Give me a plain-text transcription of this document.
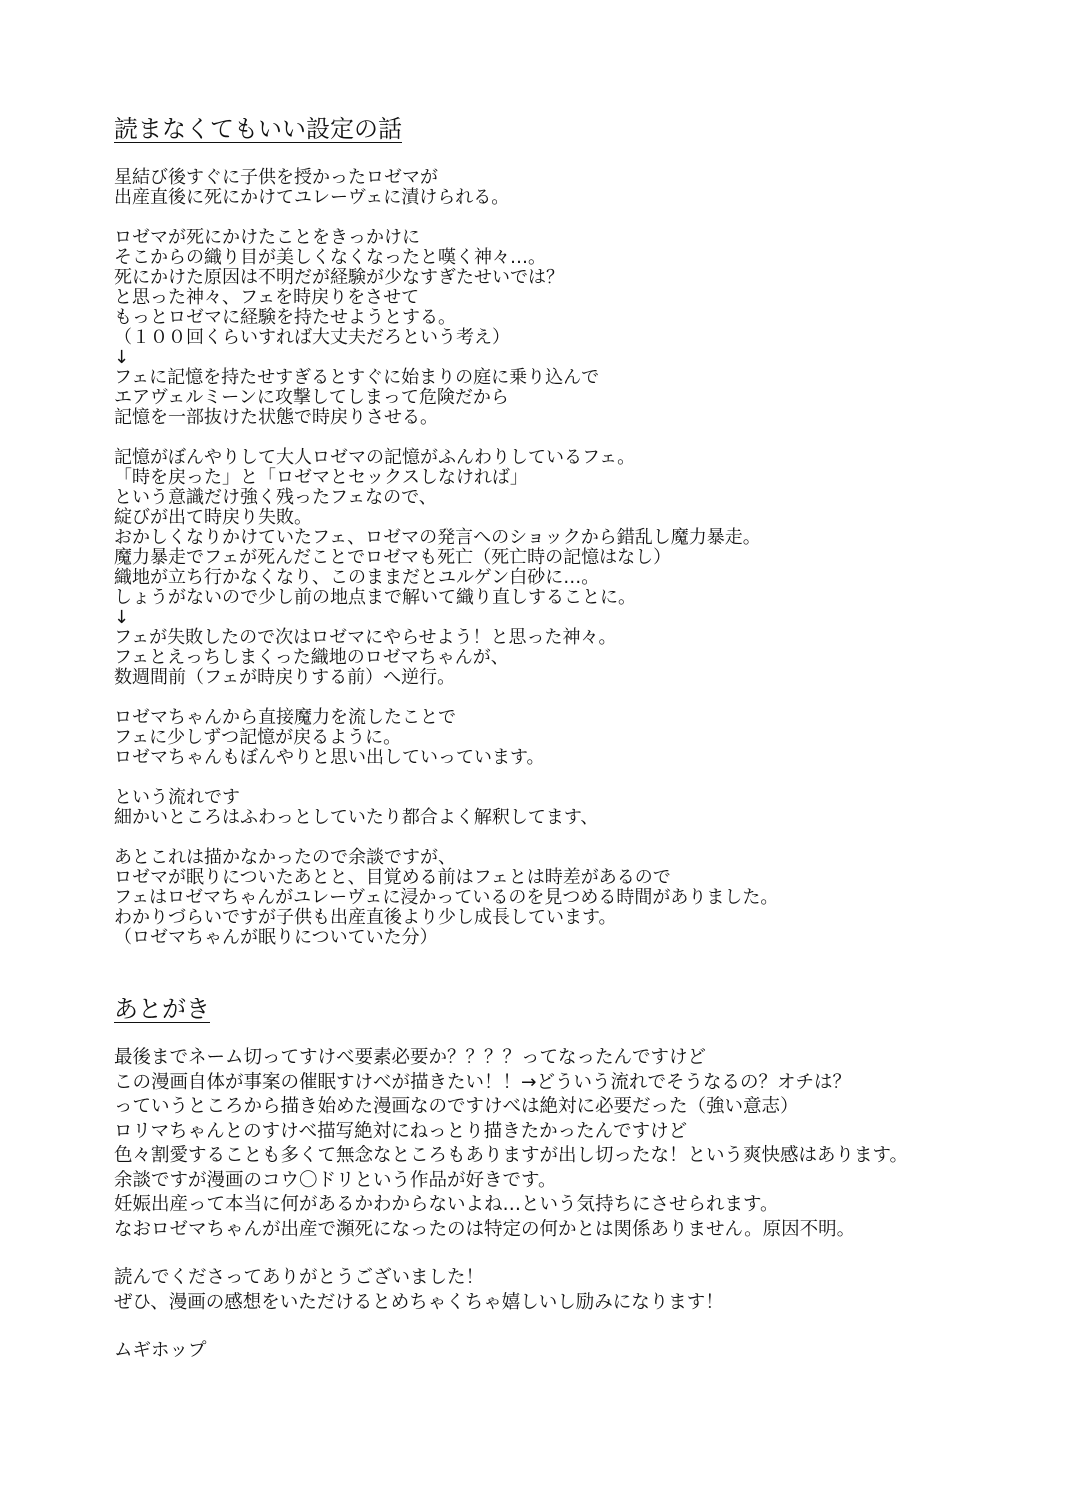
読まなくてもいい設定の話
星結び後すぐに子供を授かったロゼマが
出産直後に死にかけてユレーヴェに漬けられる。
ロゼマが死にかけたことをきっかけに
そこからの織り目が美しくなくなったと嘆く神々…。
死にかけた原因は不明だが経験が少なすぎたせいでは？
と思った神々、フェを時戻りをさせて
もっとロゼマに経験を持たせようとする。
（１００回くらいすれば大丈夫だろという考え）
↓
フェに記憶を持たせすぎるとすぐに始まりの庭に乗り込んで
エアヴェルミーンに攻撃してしまって危険だから
記憶を一部抜けた状態で時戻りさせる。
記憶がぼんやりして大人ロゼマの記憶がふんわりしているフェ。
「時を戻った」と「ロゼマとセックスしなければ」
という意識だけ強く残ったフェなので、
綻びが出て時戻り失敗。
おかしくなりかけていたフェ、ロゼマの発言へのショックから錯乱し魔力暴走。
魔力暴走でフェが死んだことでロゼマも死亡（死亡時の記憶はなし）
織地が立ち行かなくなり、このままだとユルゲン白砂に…。
しょうがないので少し前の地点まで解いて織り直しすることに。
↓
フェが失敗したので次はロゼマにやらせよう！と思った神々。
フェとえっちしまくった織地のロゼマちゃんが、
数週間前（フェが時戻りする前）へ逆行。
ロゼマちゃんから直接魔力を流したことで
フェに少しずつ記憶が戻るように。
ロゼマちゃんもぼんやりと思い出していっています。
という流れです
細かいところはふわっとしていたり都合よく解釈してます、
あとこれは描かなかったので余談ですが、
ロゼマが眠りについたあとと、目覚める前はフェとは時差があるので
フェはロゼマちゃんがユレーヴェに浸かっているのを見つめる時間がありました。
わかりづらいですが子供も出産直後より少し成長しています。
（ロゼマちゃんが眠りについていた分）
あとがき
最後までネーム切ってすけべ要素必要か？？？？ってなったんですけど
この漫画自体が事案の催眠すけべが描きたい！！→どういう流れでそうなるの？オチは？
っていうところから描き始めた漫画なのですけべは絶対に必要だった（強い意志）
ロリマちゃんとのすけべ描写絶対にねっとり描きたかったんですけど
色々割愛することも多くて無念なところもありますが出し切ったな！という爽快感はあります。
余談ですが漫画のコウ〇ドリという作品が好きです。
妊娠出産って本当に何があるかわからないよね…という気持ちにさせられます。
なおロゼマちゃんが出産で瀕死になったのは特定の何かとは関係ありません。原因不明。
読んでくださってありがとうございました！
ぜひ、漫画の感想をいただけるとめちゃくちゃ嬉しいし励みになります！
ムギホップ
